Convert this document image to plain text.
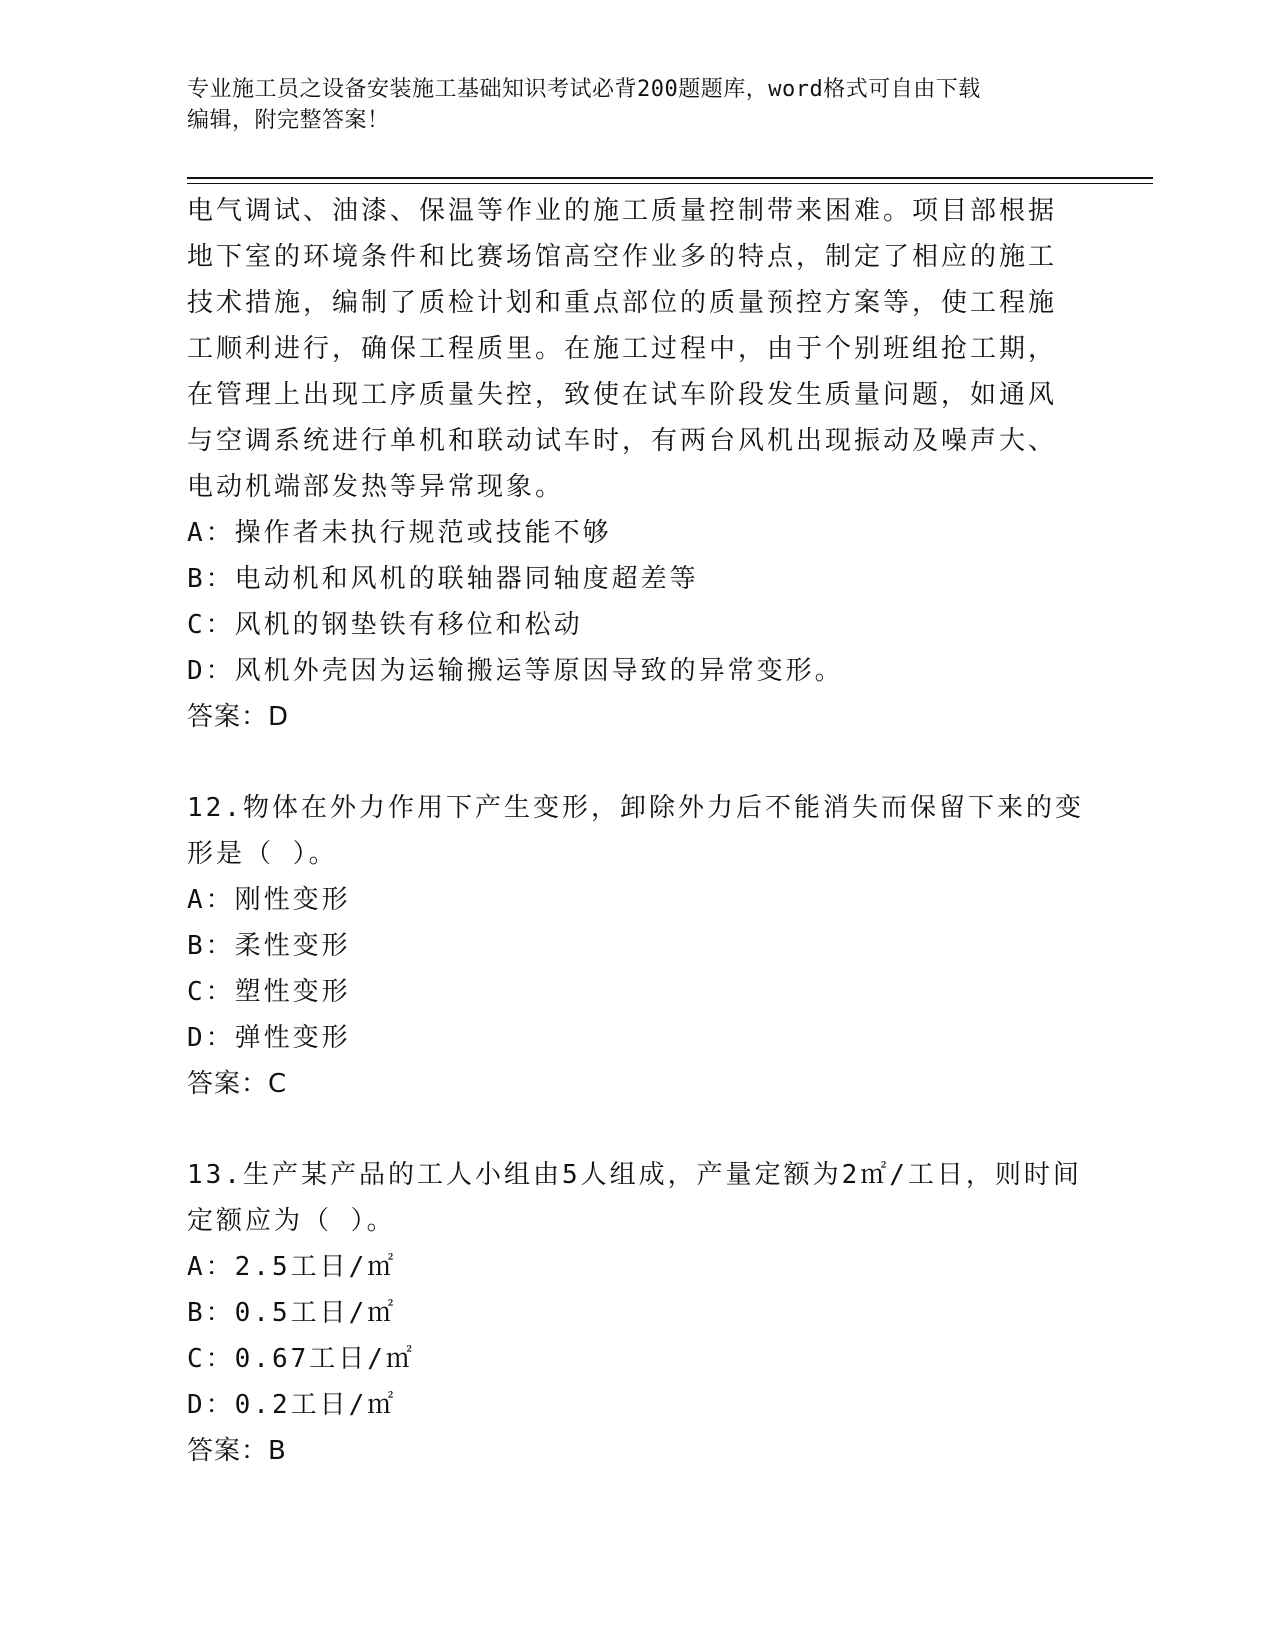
专业施工员之设备安装施工基础知识考试必背200题题库，word格式可自由下载
编辑，附完整答案！
电气调试、油漆、保温等作业的施工质量控制带来困难。项目部根据
地下室的环境条件和比赛场馆高空作业多的特点，制定了相应的施工
技术措施，编制了质检计划和重点部位的质量预控方案等，使工程施
工顺利进行，确保工程质里。在施工过程中，由于个别班组抢工期，
在管理上出现工序质量失控，致使在试车阶段发生质量问题，如通风
与空调系统进行单机和联动试车时，有两台风机出现振动及噪声大、
电动机端部发热等异常现象。
A：操作者未执行规范或技能不够
B：电动机和风机的联轴器同轴度超差等
C：风机的钢垫铁有移位和松动
D：风机外壳因为运输搬运等原因导致的异常变形。
答案：D
12.物体在外力作用下产生变形，卸除外力后不能消失而保留下来的变
形是（ ）。
A：刚性变形
B：柔性变形
C：塑性变形
D：弹性变形
答案：C
13.生产某产品的工人小组由5人组成，产量定额为2㎡/工日，则时间
定额应为（ ）。
A：2.5工日/㎡
B：0.5工日/㎡
C：0.67工日/㎡
D：0.2工日/㎡
答案：B
